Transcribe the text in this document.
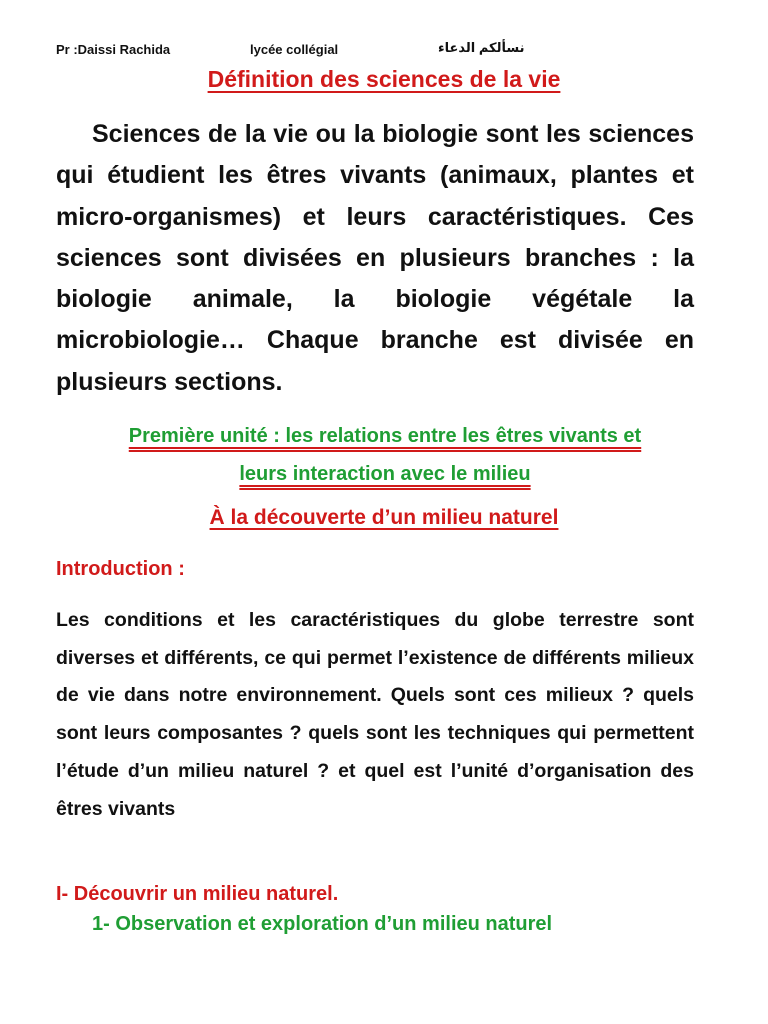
Pr :Daissi Rachida	lycée collégial	نسألكم الدعاء
Définition des sciences de la vie

Sciences de la vie ou la biologie sont les sciences qui étudient les êtres vivants (animaux, plantes et micro-organismes) et leurs caractéristiques. Ces sciences sont divisées en plusieurs branches : la biologie animale, la biologie végétale la microbiologie… Chaque branche est divisée en plusieurs sections.

Première unité : les relations entre les êtres vivants et
leurs interaction avec le milieu

À la découverte d’un milieu naturel
Introduction :

Les conditions et les caractéristiques du globe terrestre sont diverses et différents, ce qui permet l’existence de différents milieux de vie dans notre environnement. Quels sont ces milieux ? quels sont leurs composantes ? quels sont les techniques qui permettent l’étude d’un milieu naturel ? et quel est l’unité d’organisation des êtres vivants

I- Découvrir un milieu naturel.
1- Observation et exploration d’un milieu naturel
